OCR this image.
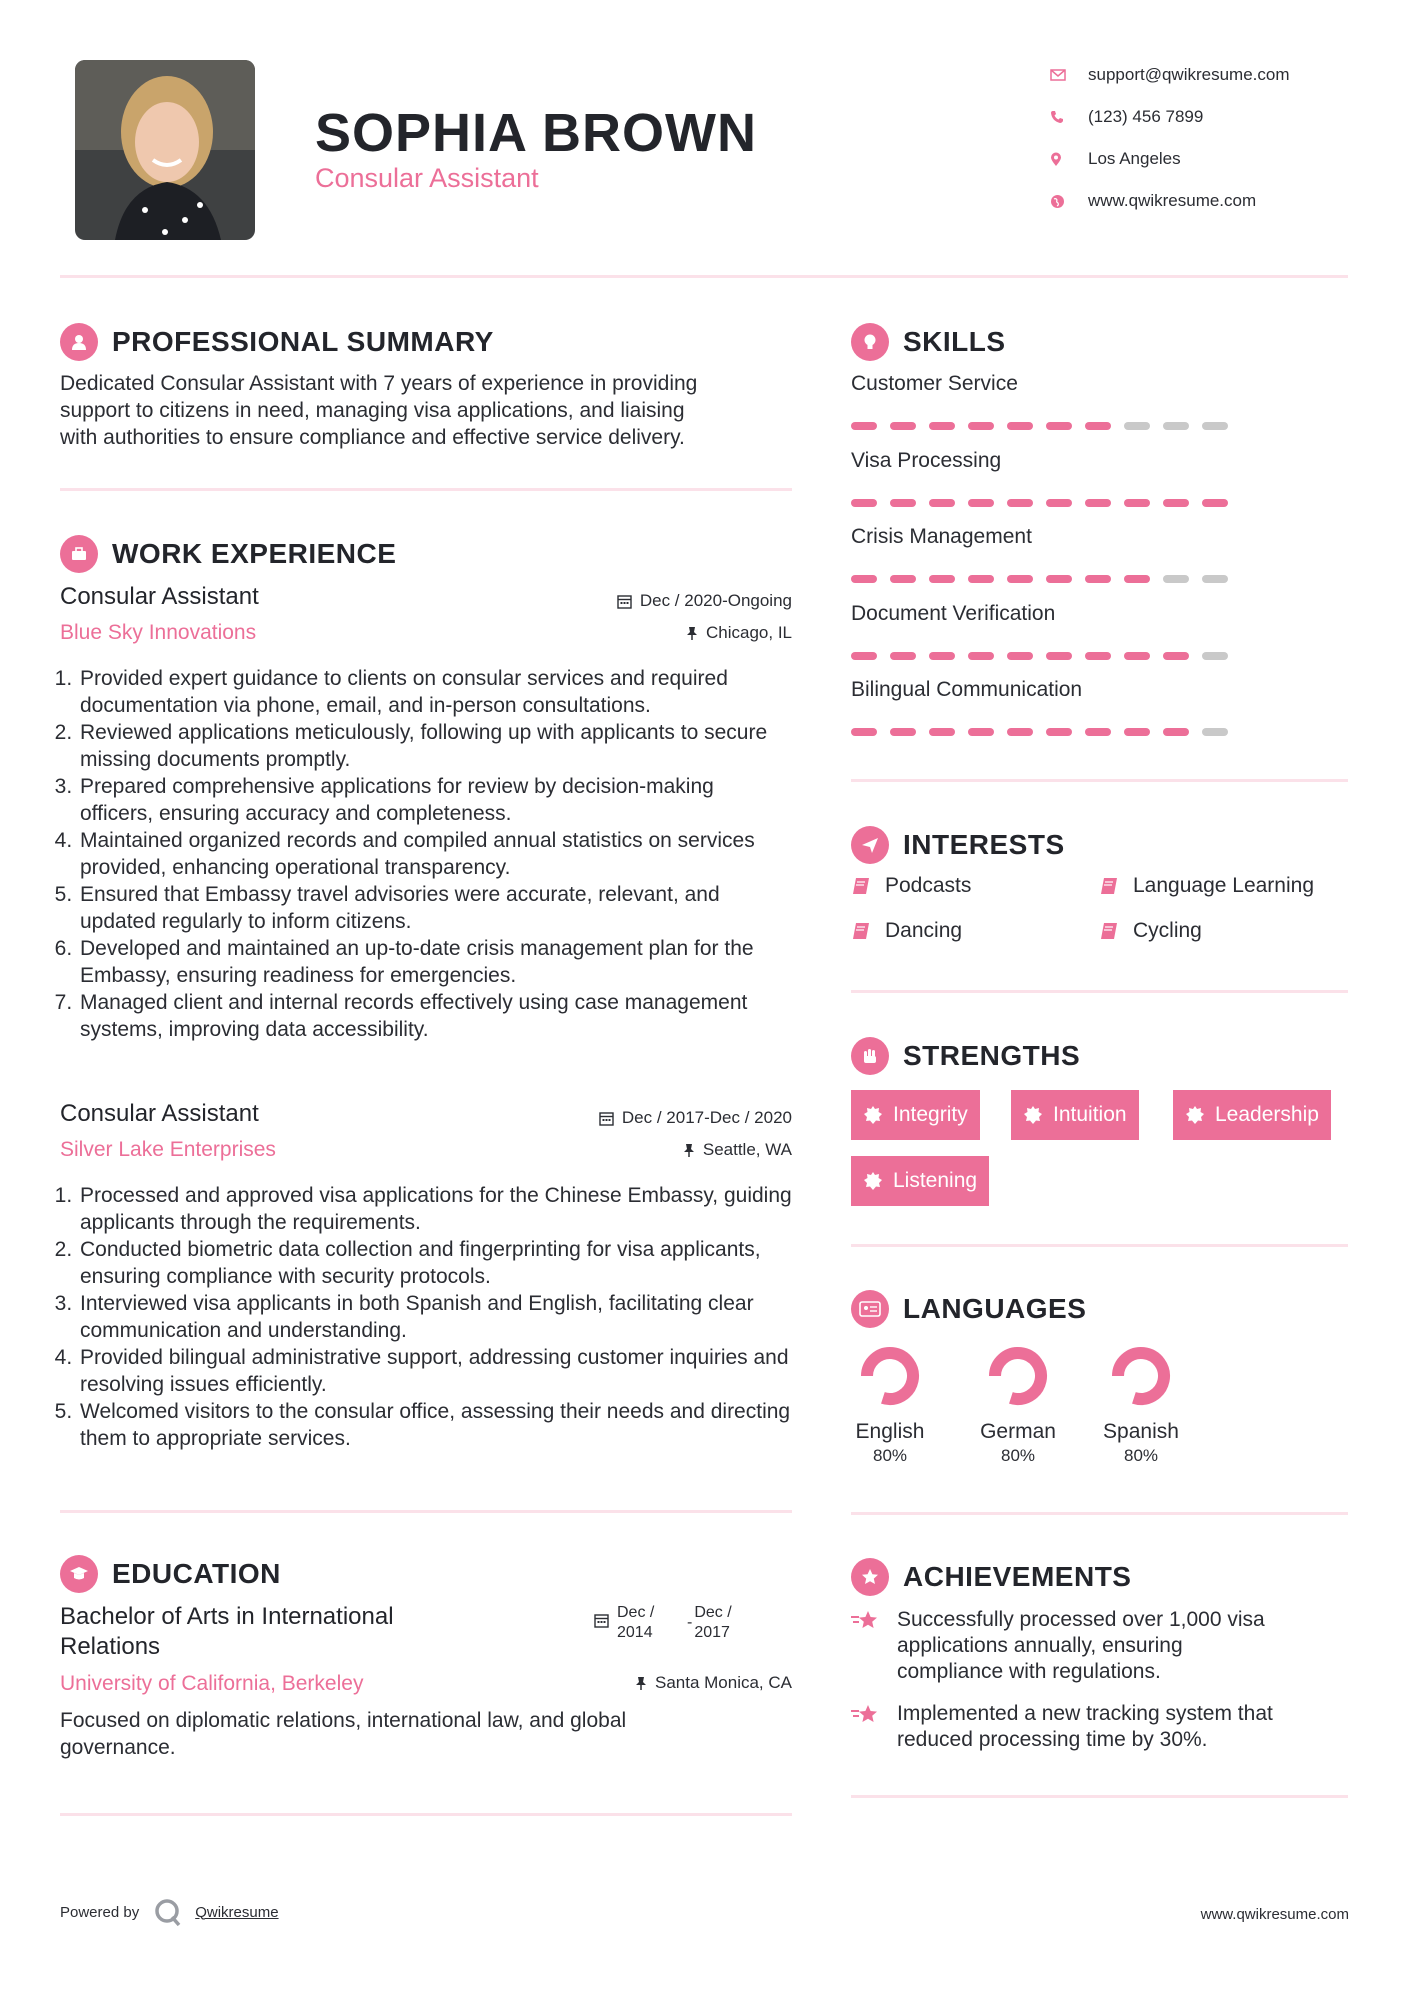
SOPHIA BROWN
Consular Assistant
support@qwikresume.com
(123) 456 7899
Los Angeles
www.qwikresume.com
PROFESSIONAL SUMMARY
Dedicated Consular Assistant with 7 years of experience in providing
support to citizens in need, managing visa applications, and liaising
with authorities to ensure compliance and effective service delivery.
WORK EXPERIENCE
Consular Assistant
Blue Sky Innovations
Dec / 2020-Ongoing
Chicago, IL
1. Provided expert guidance to clients on consular services and required documentation via phone, email, and in-person consultations.
2. Reviewed applications meticulously, following up with applicants to secure missing documents promptly.
3. Prepared comprehensive applications for review by decision-making officers, ensuring accuracy and completeness.
4. Maintained organized records and compiled annual statistics on services provided, enhancing operational transparency.
5. Ensured that Embassy travel advisories were accurate, relevant, and updated regularly to inform citizens.
6. Developed and maintained an up-to-date crisis management plan for the Embassy, ensuring readiness for emergencies.
7. Managed client and internal records effectively using case management systems, improving data accessibility.
Consular Assistant
Silver Lake Enterprises
Dec / 2017-Dec / 2020
Seattle, WA
1. Processed and approved visa applications for the Chinese Embassy, guiding applicants through the requirements.
2. Conducted biometric data collection and fingerprinting for visa applicants, ensuring compliance with security protocols.
3. Interviewed visa applicants in both Spanish and English, facilitating clear communication and understanding.
4. Provided bilingual administrative support, addressing customer inquiries and resolving issues efficiently.
5. Welcomed visitors to the consular office, assessing their needs and directing them to appropriate services.
EDUCATION
Bachelor of Arts in International
Relations
Dec /
2014
-
Dec /
2017
University of California, Berkeley	Santa Monica, CA
Focused on diplomatic relations, international law, and global
governance.
SKILLS
Customer Service
Visa Processing
Crisis Management
Document Verification
Bilingual Communication
INTERESTS
Podcasts	Language Learning
Dancing	Cycling
STRENGTHS
Integrity	Intuition	Leadership
Listening
LANGUAGES
English
80%
German
80%
Spanish
80%
ACHIEVEMENTS
Successfully processed over 1,000 visa
applications annually, ensuring
compliance with regulations.
Implemented a new tracking system that
reduced processing time by 30%.
Powered by	Qwikresume	www.qwikresume.com
